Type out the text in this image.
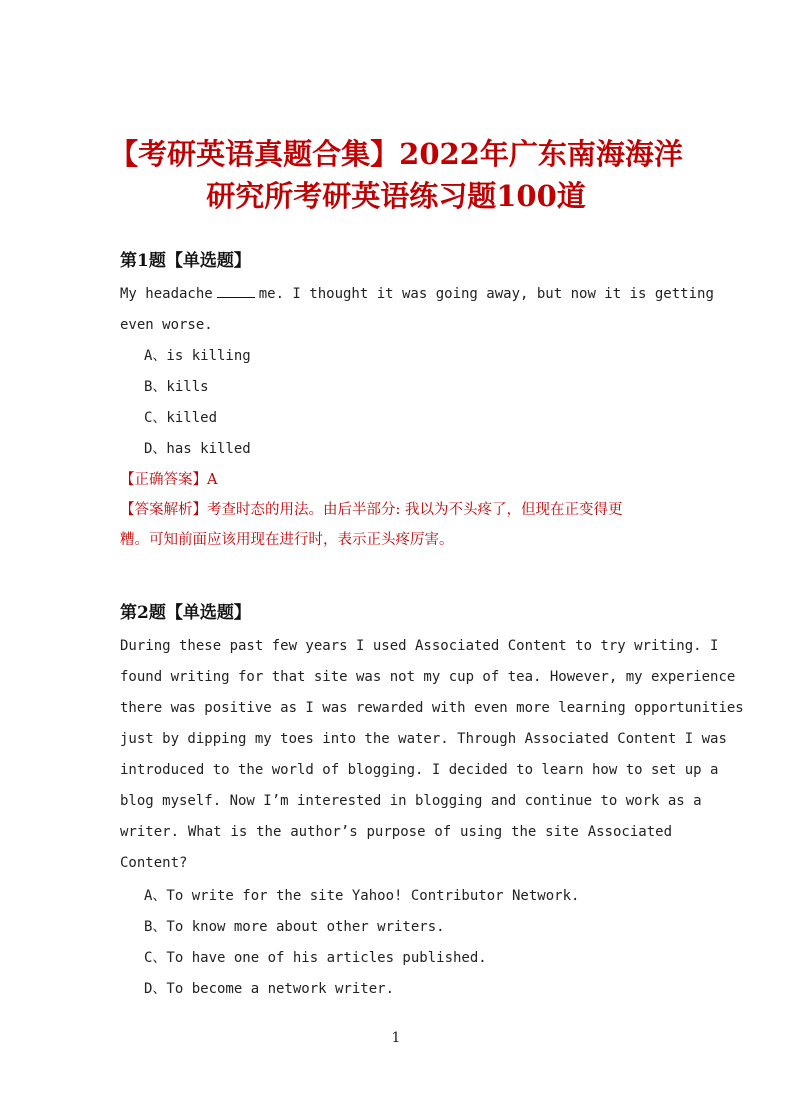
【考研英语真题合集】2022年广东南海海洋
研究所考研英语练习题100道
第1题【单选题】
My headache	me. I thought it was going away, but now it is getting
even worse.
A、is killing
B、kills
C、killed
D、has killed
【正确答案】A
【答案解析】考查时态的用法。由后半部分: 我以为不头疼了，但现在正变得更
糟。可知前面应该用现在进行时，表示正头疼厉害。
第2题【单选题】
During these past few years I used Associated Content to try writing. I
found writing for that site was not my cup of tea. However, my experience
there was positive as I was rewarded with even more learning opportunities
just by dipping my toes into the water. Through Associated Content I was
introduced to the world of blogging. I decided to learn how to set up a
blog myself. Now I’m interested in blogging and continue to work as a
writer. What is the author’s purpose of using the site Associated
Content?
A、To write for the site Yahoo! Contributor Network.
B、To know more about other writers.
C、To have one of his articles published.
D、To become a network writer.
1
